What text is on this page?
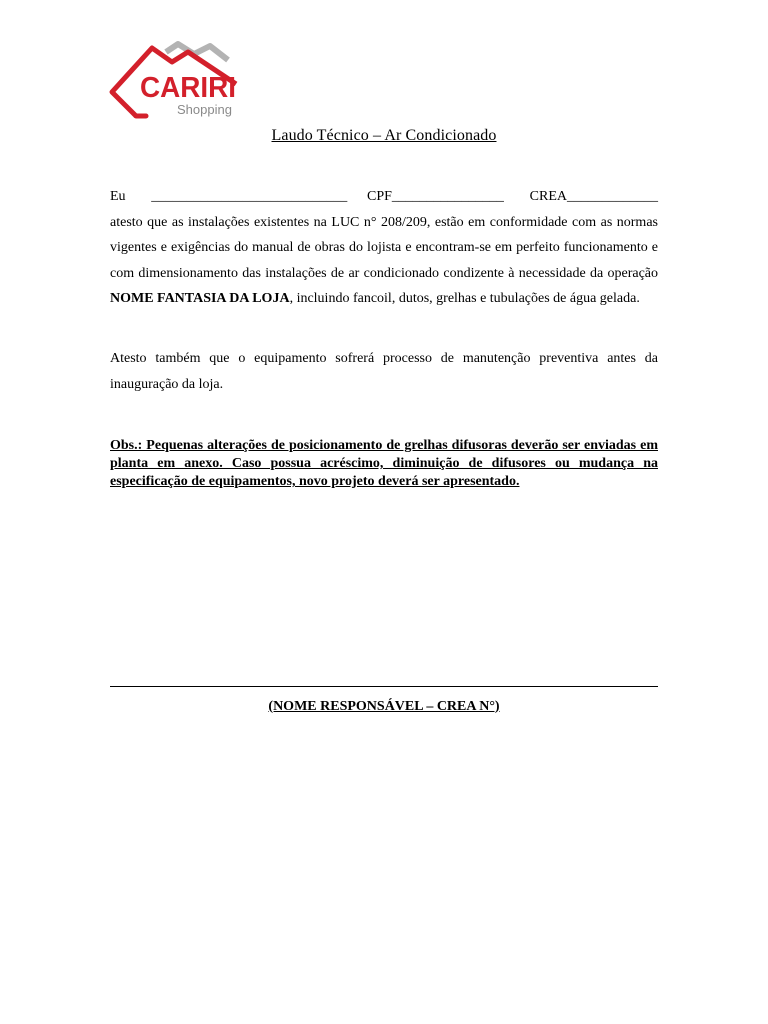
CARIRI
Shopping
Laudo Técnico – Ar Condicionado
Eu ____________________________ CPF________________ CREA_____________
atesto que as instalações existentes na LUC n° 208/209, estão em conformidade com as normas vigentes e exigências do manual de obras do lojista e encontram-se em perfeito funcionamento e com dimensionamento das instalações de ar condicionado condizente à necessidade da operação NOME FANTASIA DA LOJA, incluindo fancoil, dutos, grelhas e tubulações de água gelada.
Atesto também que o equipamento sofrerá processo de manutenção preventiva antes da inauguração da loja.
Obs.: Pequenas alterações de posicionamento de grelhas difusoras deverão ser enviadas em planta em anexo. Caso possua acréscimo, diminuição de difusores ou mudança na especificação de equipamentos, novo projeto deverá ser apresentado.
(NOME RESPONSÁVEL – CREA N°)
